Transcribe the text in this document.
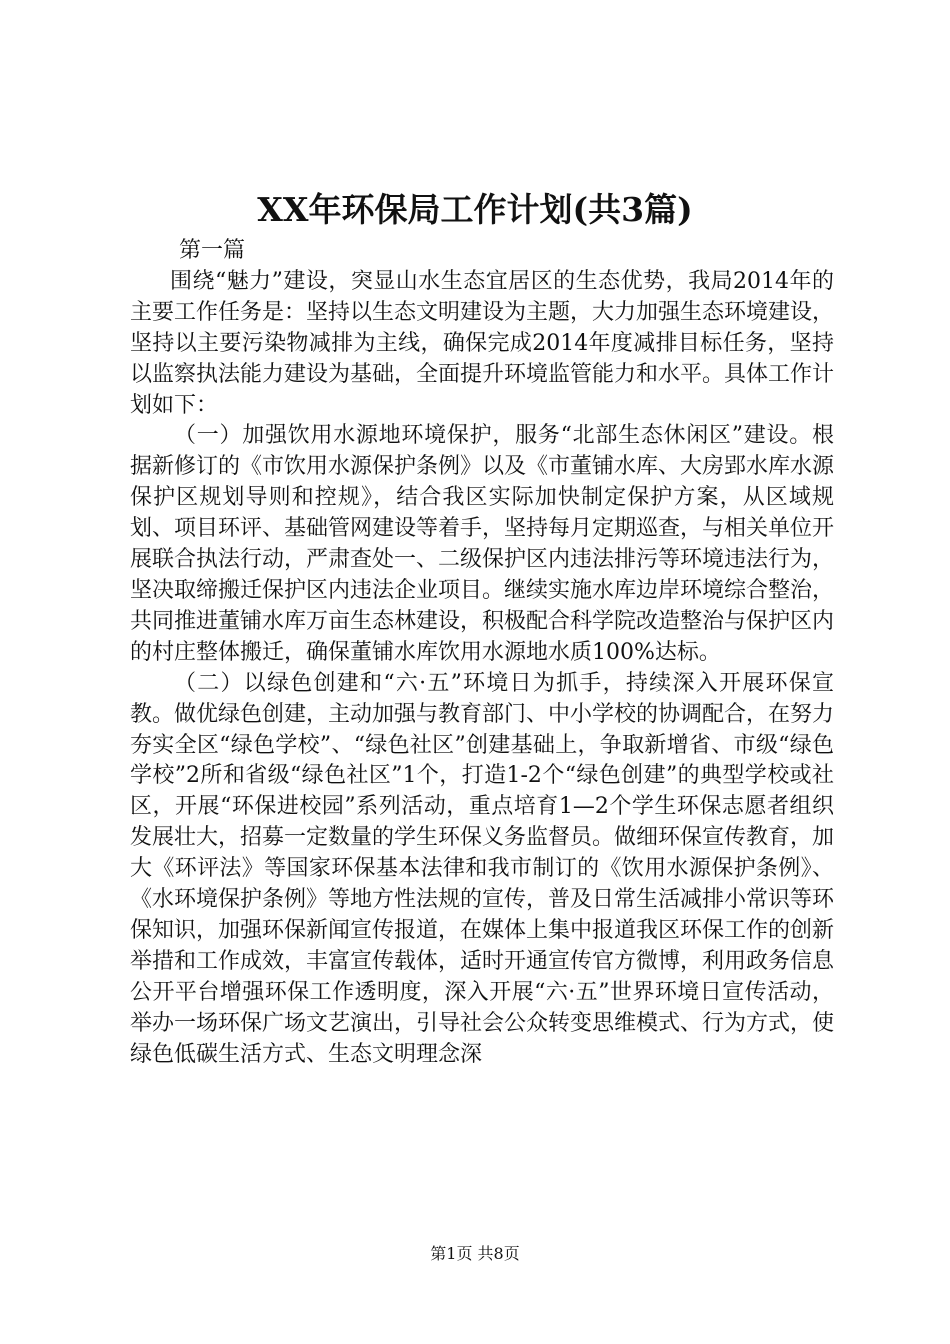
XX年环保局工作计划(共3篇)

第一篇

围绕“魅力”建设，突显山水生态宜居区的生态优势，我局2014年的主要工作任务是：坚持以生态文明建设为主题，大力加强生态环境建设，坚持以主要污染物减排为主线，确保完成2014年度减排目标任务，坚持以监察执法能力建设为基础，全面提升环境监管能力和水平。具体工作计划如下：

（一）加强饮用水源地环境保护，服务“北部生态休闲区”建设。根据新修订的《市饮用水源保护条例》以及《市董铺水库、大房郢水库水源保护区规划导则和控规》，结合我区实际加快制定保护方案，从区域规划、项目环评、基础管网建设等着手，坚持每月定期巡查，与相关单位开展联合执法行动，严肃查处一、二级保护区内违法排污等环境违法行为，坚决取缔搬迁保护区内违法企业项目。继续实施水库边岸环境综合整治，共同推进董铺水库万亩生态林建设，积极配合科学院改造整治与保护区内的村庄整体搬迁，确保董铺水库饮用水源地水质100%达标。

（二）以绿色创建和“六·五”环境日为抓手，持续深入开展环保宣教。做优绿色创建，主动加强与教育部门、中小学校的协调配合，在努力夯实全区“绿色学校”、“绿色社区”创建基础上，争取新增省、市级“绿色学校”2所和省级“绿色社区”1个，打造1-2个“绿色创建”的典型学校或社区，开展“环保进校园”系列活动，重点培育1—2个学生环保志愿者组织发展壮大，招募一定数量的学生环保义务监督员。做细环保宣传教育，加大《环评法》等国家环保基本法律和我市制订的《饮用水源保护条例》、《水环境保护条例》等地方性法规的宣传，普及日常生活减排小常识等环保知识，加强环保新闻宣传报道，在媒体上集中报道我区环保工作的创新举措和工作成效，丰富宣传载体，适时开通宣传官方微博，利用政务信息公开平台增强环保工作透明度，深入开展“六·五”世界环境日宣传活动，举办一场环保广场文艺演出，引导社会公众转变思维模式、行为方式，使绿色低碳生活方式、生态文明理念深

第1页 共8页
